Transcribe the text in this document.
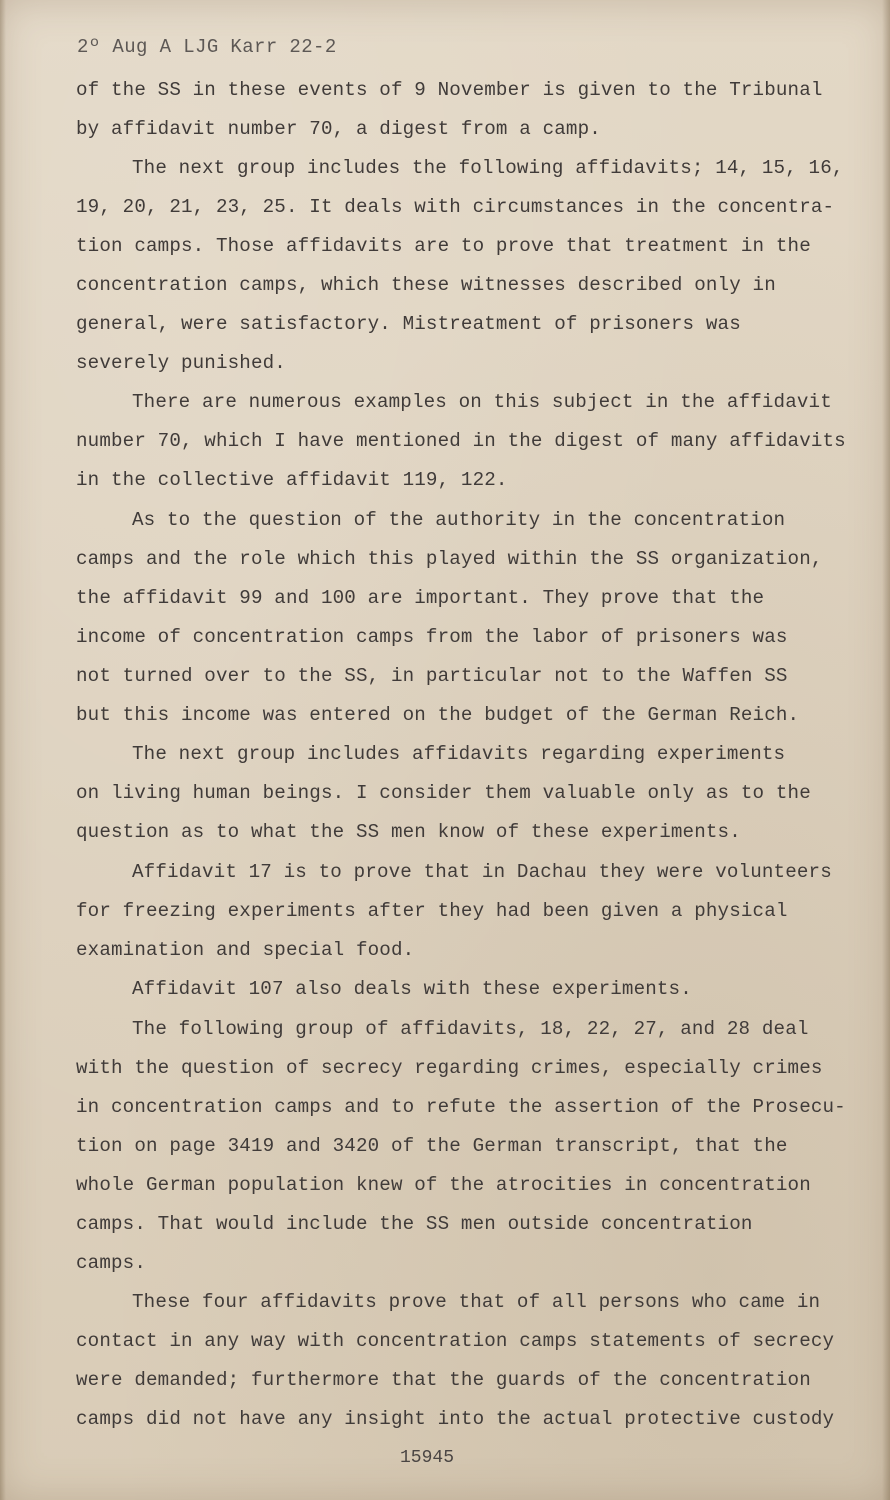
2º Aug A LJG Karr 22-2
of the SS in these events of 9 November is given to the Tribunal
by affidavit number 70, a digest from a camp.
The next group includes the following affidavits; 14, 15, 16,
19, 20, 21, 23, 25. It deals with circumstances in the concentra-
tion camps. Those affidavits are to prove that treatment in the
concentration camps, which these witnesses described only in
general, were satisfactory. Mistreatment of prisoners was
severely punished.
There are numerous examples on this subject in the affidavit
number 70, which I have mentioned in the digest of many affidavits
in the collective affidavit 119, 122.
As to the question of the authority in the concentration
camps and the role which this played within the SS organization,
the affidavit 99 and 100 are important. They prove that the
income of concentration camps from the labor of prisoners was
not turned over to the SS, in particular not to the Waffen SS
but this income was entered on the budget of the German Reich.
The next group includes affidavits regarding experiments
on living human beings. I consider them valuable only as to the
question as to what the SS men know of these experiments.
Affidavit 17 is to prove that in Dachau they were volunteers
for freezing experiments after they had been given a physical
examination and special food.
Affidavit 107 also deals with these experiments.
The following group of affidavits, 18, 22, 27, and 28 deal
with the question of secrecy regarding crimes, especially crimes
in concentration camps and to refute the assertion of the Prosecu-
tion on page 3419 and 3420 of the German transcript, that the
whole German population knew of the atrocities in concentration
camps. That would include the SS men outside concentration
camps.
These four affidavits prove that of all persons who came in
contact in any way with concentration camps statements of secrecy
were demanded; furthermore that the guards of the concentration
camps did not have any insight into the actual protective custody
15945
